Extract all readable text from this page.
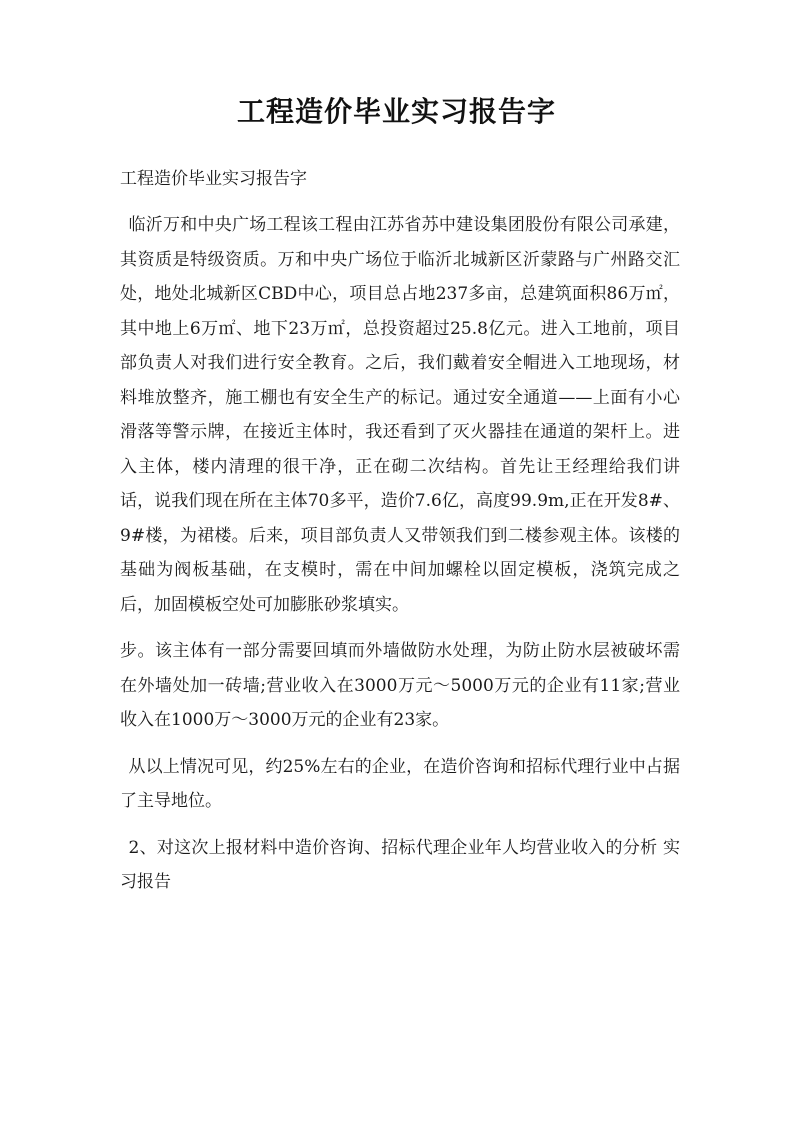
工程造价毕业实习报告字

工程造价毕业实习报告字

临沂万和中央广场工程该工程由江苏省苏中建设集团股份有限公司承建，其资质是特级资质。万和中央广场位于临沂北城新区沂蒙路与广州路交汇处，地处北城新区CBD中心，项目总占地237多亩，总建筑面积86万㎡，其中地上6万㎡、地下23万㎡，总投资超过25.8亿元。进入工地前，项目部负责人对我们进行安全教育。之后，我们戴着安全帽进入工地现场，材料堆放整齐，施工棚也有安全生产的标记。通过安全通道——上面有小心滑落等警示牌，在接近主体时，我还看到了灭火器挂在通道的架杆上。进入主体，楼内清理的很干净，正在砌二次结构。首先让王经理给我们讲话，说我们现在所在主体70多平，造价7.6亿，高度99.9m,正在开发8#、9#楼，为裙楼。后来，项目部负责人又带领我们到二楼参观主体。该楼的基础为阀板基础，在支模时，需在中间加螺栓以固定模板，浇筑完成之后，加固模板空处可加膨胀砂浆填实。

步。该主体有一部分需要回填而外墙做防水处理，为防止防水层被破坏需在外墙处加一砖墙;营业收入在3000万元～5000万元的企业有11家;营业收入在1000万～3000万元的企业有23家。

从以上情况可见，约25%左右的企业，在造价咨询和招标代理行业中占据了主导地位。

2、对这次上报材料中造价咨询、招标代理企业年人均营业收入的分析 实习报告
